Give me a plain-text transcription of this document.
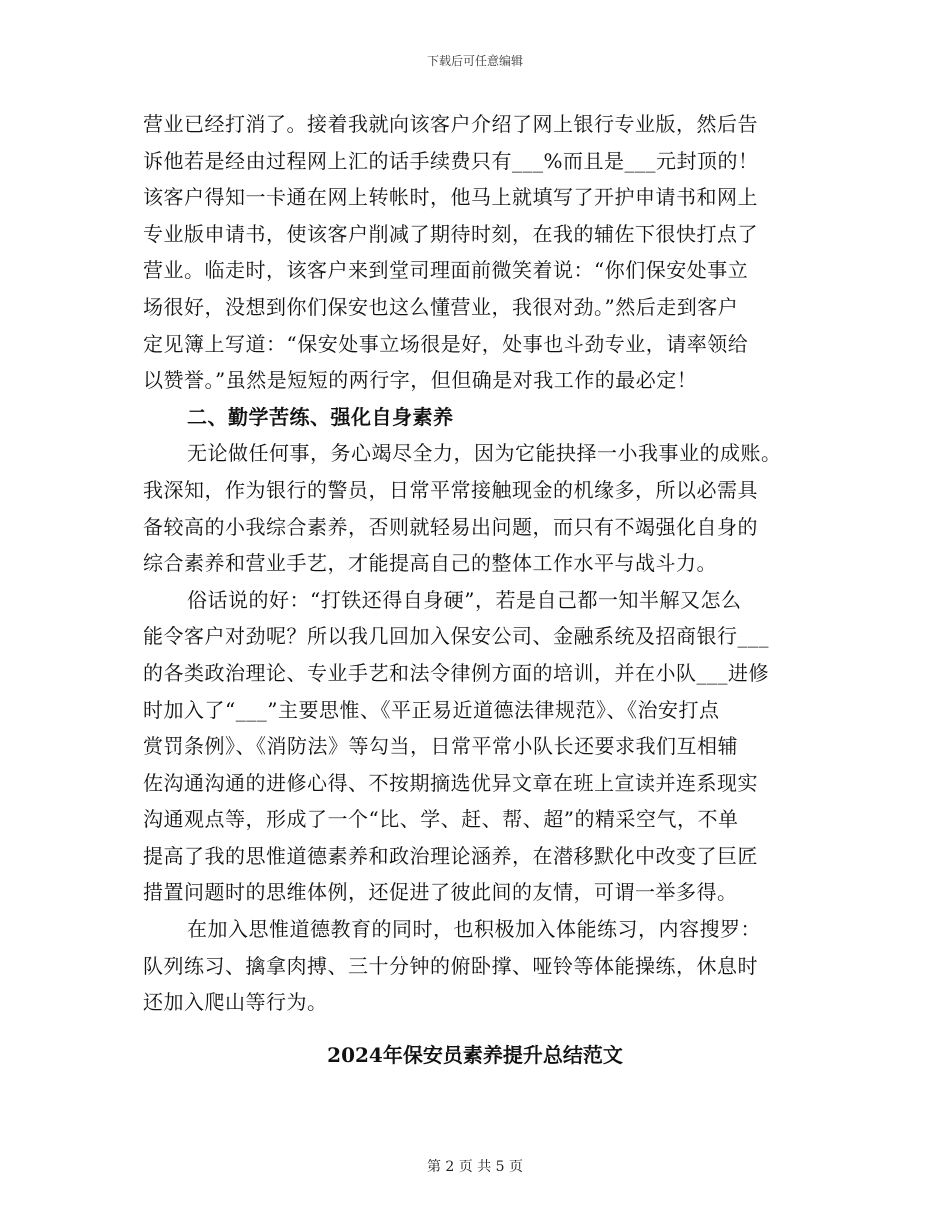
下载后可任意编辑
营业已经打消了。接着我就向该客户介绍了网上银行专业版，然后告
诉他若是经由过程网上汇的话手续费只有___%而且是___元封顶的！
该客户得知一卡通在网上转帐时，他马上就填写了开护申请书和网上
专业版申请书，使该客户削减了期待时刻，在我的辅佐下很快打点了
营业。临走时，该客户来到堂司理面前微笑着说：“你们保安处事立
场很好，没想到你们保安也这么懂营业，我很对劲。”然后走到客户
定见簿上写道：“保安处事立场很是好，处事也斗劲专业，请率领给
以赞誉。”虽然是短短的两行字，但但确是对我工作的最必定！
二、勤学苦练、强化自身素养
无论做任何事，务心竭尽全力，因为它能抉择一小我事业的成账。
我深知，作为银行的警员，日常平常接触现金的机缘多，所以必需具
备较高的小我综合素养，否则就轻易出问题，而只有不竭强化自身的
综合素养和营业手艺，才能提高自己的整体工作水平与战斗力。
俗话说的好：“打铁还得自身硬”，若是自己都一知半解又怎么
能令客户对劲呢？所以我几回加入保安公司、金融系统及招商银行___
的各类政治理论、专业手艺和法令律例方面的培训，并在小队___进修
时加入了“___”主要思惟、《平正易近道德法律规范》、《治安打点
赏罚条例》、《消防法》等勾当，日常平常小队长还要求我们互相辅
佐沟通沟通的进修心得、不按期摘选优异文章在班上宣读并连系现实
沟通观点等，形成了一个“比、学、赶、帮、超”的精采空气，不单
提高了我的思惟道德素养和政治理论涵养，在潜移默化中改变了巨匠
措置问题时的思维体例，还促进了彼此间的友情，可谓一举多得。
在加入思惟道德教育的同时，也积极加入体能练习，内容搜罗：
队列练习、擒拿肉搏、三十分钟的俯卧撑、哑铃等体能操练，休息时
还加入爬山等行为。
2024年保安员素养提升总结范文
第 2 页 共 5 页
